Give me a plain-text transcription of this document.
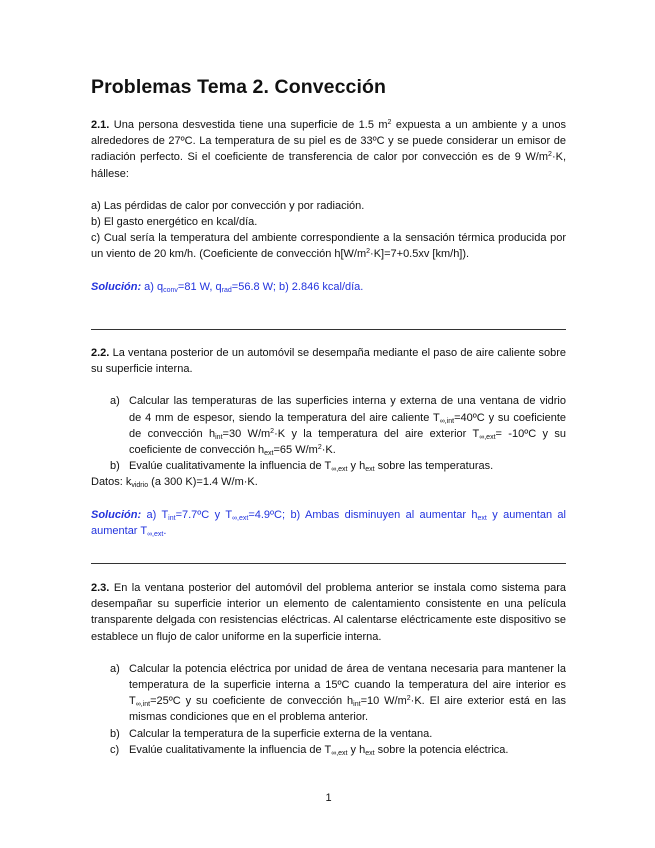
Problemas Tema 2. Convección

2.1. Una persona desvestida tiene una superficie de 1.5 $m^2$ expuesta a un ambiente y a unos alrededores de 27ºC. La temperatura de su piel es de 33ºC y se puede considerar un emisor de radiación perfecto. Si el coeficiente de transferencia de calor por convección es de 9 $W/m^2\cdot K$, hállese:

a) Las pérdidas de calor por convección y por radiación.

b) El gasto energético en kcal/día.

c) Cual sería la temperatura del ambiente correspondiente a la sensación térmica producida por un viento de 20 km/h. (Coeficiente de convección $h[W/m^2\cdot K]=7+0.5xv$ [km/h]).

Solución: a) $q_{conv}=81$ W, $q_{rad}=56.8$ W; b) 2.846 kcal/día.

2.2. La ventana posterior de un automóvil se desempaña mediante el paso de aire caliente sobre su superficie interna.

a) Calcular las temperaturas de las superficies interna y externa de una ventana de vidrio de 4 mm de espesor, siendo la temperatura del aire caliente $T_{\infty,int}=40ºC$ y su coeficiente de convección $h_{int}=30$ $W/m^2\cdot K$ y la temperatura del aire exterior $T_{\infty,ext}=$ -10ºC y su coeficiente de convección $h_{ext}=65$ $W/m^2\cdot K$.
b) Evalúe cualitativamente la influencia de $T_{\infty,ext}$ y $h_{ext}$ sobre las temperaturas.

Datos: $k_{vidrio}$ (a 300 K)=1.4 W/m·K.

Solución: a) $T_{int}=7.7ºC$ y $T_{\infty,ext}=4.9ºC$; b) Ambas disminuyen al aumentar $h_{ext}$ y aumentan al aumentar $T_{\infty,ext}$.

2.3. En la ventana posterior del automóvil del problema anterior se instala como sistema para desempañar su superficie interior un elemento de calentamiento consistente en una película transparente delgada con resistencias eléctricas. Al calentarse eléctricamente este dispositivo se establece un flujo de calor uniforme en la superficie interna.

a) Calcular la potencia eléctrica por unidad de área de ventana necesaria para mantener la temperatura de la superficie interna a 15ºC cuando la temperatura del aire interior es $T_{\infty,int}=25ºC$ y su coeficiente de convección $h_{int}=10$ $W/m^2\cdot K$. El aire exterior está en las mismas condiciones que en el problema anterior.
b) Calcular la temperatura de la superficie externa de la ventana.
c) Evalúe cualitativamente la influencia de $T_{\infty,ext}$ y $h_{ext}$ sobre la potencia eléctrica.
1
